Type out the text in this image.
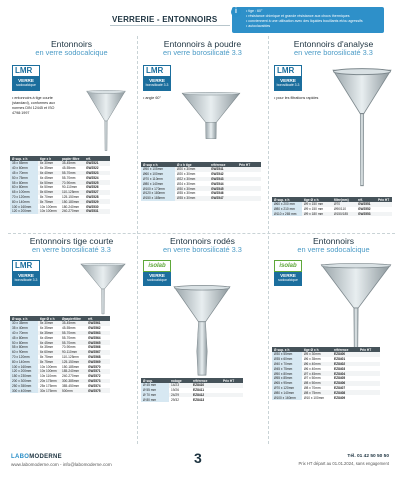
VERRERIE - ENTONNOIRS
• tige : 60°
• résistance chimique et grande résistance aux chocs thermiques
• conviennent à une utilisation avec des liquides bouillants et/ou agressifs
• autoclavables
i
Entonnoirs
en verre sodocalcique
LMR
VERRE
sodocalcique
• entonnoirs à tige courte
(standard), conformes aux
normes DIN 12445 et ISO
4798:1997
Ø sup. x h	tige x h	papier filtre	réf.
35 x 55mm	6x 30mm	35-45mm	GW2521
40 x 60mm	6x 35mm	45-55mm	GW2522
45 x 70mm	6x 40mm	55-70mm	GW2523
50 x 75mm	6x 45mm	55-70mm	GW2524
55 x 80mm	6x 50mm	70-90mm	GW2525
60 x 80mm	6x 50mm	90-110mm	GW2526
65 x 100mm	8x 60mm	110-125mm	GW2527
70 x 120mm	8x 70mm	125-150mm	GW2528
80 x 140mm	8x 75mm	150-180mm	GW2529
100 x 160mm	10x 100mm	180-240mm	GW2530
120 x 200mm	10x 100mm	240-270mm	GW2531
Entonnoirs à poudre
en verre borosilicaté 3.3
LMR
VERRE
borosilicaté 3.3
• angle 60°
Ø sup x h	Ø x h tige	référence	Prix HT
Ø50 x 105mm	Ø20 x 30mm	GW2541	
Ø60 x 100mm	Ø20 x 30mm	GW2542	
Ø70 x 110mm	Ø22 x 30mm	GW2543	
Ø80 x 140mm	Ø24 x 30mm	GW2544	
Ø100 x 170mm	Ø30 x 30mm	GW2545	
Ø120 x 180mm	Ø35 x 30mm	GW2546	
Ø150 x 185mm	Ø35 x 30mm	GW2547	
Entonnoirs d'analyse
en verre borosilicaté 3.3
LMR
VERRE
borosilicaté 3.3
• pour les filtrations rapides
Ø sup. x h	tige Ø x h	filtre(mm)	réf.	Prix HT
Ø60 x 200 mm	Ø9 x 150 mm	Ø70	GW2551	
Ø80 x 210 mm	Ø9 x 150 mm	Ø90/110	GW2552	
Ø110 x 265 mm	Ø9 x 180 mm	Ø150/185	GW2553	
Entonnoirs tige courte
en verre borosilicaté 3.3
LMR
VERRE
borosilicaté 3.3
Ø sup. x h	tige Ø x h	Øpapierfiltre	réf.
30 x 35mm	5x 30mm	35-45mm	GW2561
35 x 40mm	6x 35mm	45-55mm	GW2562
40 x 70mm	6x 35mm	55-70mm	GW2563
45 x 80mm	6x 45mm	55-70mm	GW2564
50 x 80mm	6x 45mm	55-70mm	GW2565
55 x 80mm	6x 35mm	70-90mm	GW2566
60 x 90mm	6x 60mm	90-110mm	GW2567
70 x 120mm	8x 75mm	110-125mm	GW2568
80 x 140mm	8x 75mm	125-150mm	GW2569
100 x 160mm	10x 100mm	150-185mm	GW2570
120 x 200mm	10x 100mm	185-240mm	GW2571
150 x 230mm	10x 110mm	240-270mm	GW2572
200 x 300mm	20x 175mm	300-385mm	GW2573
250 x 350mm	25x 175mm	385-450mm	GW2574
300 x 400mm	30x 175mm	500mm	GW2575
Entonnoirs rodés
en verre borosilicaté 3.3
isolab
VERRE
sodocalcique
Ø sup.	rodage	référence	Prix HT
Ø 45 mm	14/23	EZ8410	
Ø 55 mm	19/26	EZ8411	
Ø 70 mm	24/29	EZ8412	
Ø 80 mm	29/32	EZ8413	
Entonnoirs
en verre sodocalcique
isolab
VERRE
sodocalcique
Ø sup. x h	tige Ø x h	référence	Prix HT
Ø30 x 55mm	Ø5 x 30mm	EZ8400	
Ø35 x 60mm	Ø6 x 35mm	EZ8401	
Ø40 x 70mm	Ø6 x 40mm	EZ8402	
Ø45 x 75mm	Ø6 x 40mm	EZ8403	
Ø50 x 80mm	Ø7 x 45mm	EZ8404	
Ø55 x 85mm	Ø7 x 50mm	EZ8405	
Ø65 x 95mm	Ø8 x 50mm	EZ8406	
Ø70 x 120mm	Ø8 x 70mm	EZ8407	
Ø80 x 140mm	Ø8 x 75mm	EZ8408	
Ø100 x 160mm	Ø10 x 100mm	EZ8409	
LABOMODERNE
www.labomoderne.com - info@labomoderne.com	3	Tél. 01 42 50 50 50
Prix HT départ au 01.01.2024, sans engagement
